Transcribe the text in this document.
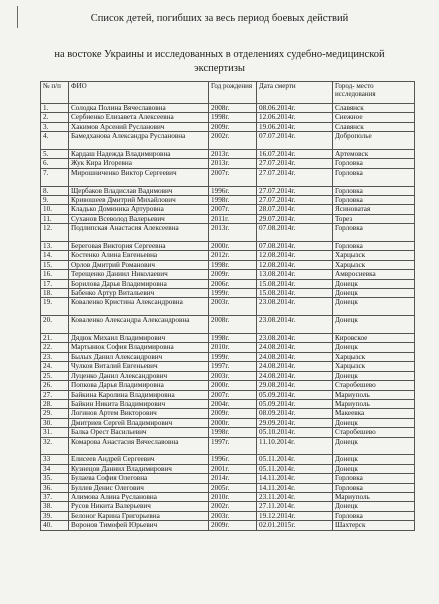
Список детей, погибших за весь период боевых действий
на востоке Украины и исследованных в отделениях судебно-медицинской
экспертизы
№ п/п	ФИО	Год рождения	Дата смерти	Город- место исследования
1.	Солодка Полина Вячеславовна	2008г.	08.06.2014г.	Славянск
2.	Сербиенко Елизавета Алексеевна	1998г.	12.06.2014г.	Снежное
3.	Хакимов Арсений Русланович	2009г.	19.06.2014г.	Славянск
4.	Бамедханова Александра Руслановна	2002г.	07.07.2014г.	Доброполье
5.	Кардаш Надежда Владимировна	2013г.	16.07.2014г.	Артемовск
6.	Жук Кира Игоревна	2013г.	27.07.2014г.	Горловка
7.	Мирошниченко Виктор Сергеевич	2007г.	27.07.2014г.	Горловка
8.	Щербаков Владислав Вадимович	1996г.	27.07.2014г.	Горловка
9.	Кривошеев Дмитрий Михайлович	1998г.	27.07.2014г.	Горловка
10.	Кладько Доминика Артуровна	2007г.	28.07.2014г.	Ясиноватая
11.	Суханов Всеволод Валерьевич	2011г.	29.07.2014г.	Торез
12.	Подлипская Анастасия Алексеевна	2013г.	07.08.2014г.	Горловка
13.	Береговая Виктория Сергеевна	2000г.	07.08.2014г.	Горловка
14.	Костенко Алина Евгеньевна	2012г.	12.08.2014г.	Харцызск
15.	Орлов Дмитрий Романович	1998г.	12.08.2014г.	Харцызск
16.	Терещенко Даниил Николаевич	2009г.	13.08.2014г.	Амвросиевка
17.	Борилова Дарья Владимировна	2006г.	15.08.2014г.	Донецк
18.	Бабенко Артур Витальевич	1999г.	15.08.2014г.	Донецк
19.	Коваленко Кристина Александровна	2003г.	23.08.2014г.	Донецк
20.	Коваленко Александра Александровна	2008г.	23.08.2014г.	Донецк
21.	Дядюк Михаил Владимирович	1998г.	23.08.2014г.	Кировское
22.	Мартынюк София Владимировна	2010г.	24.08.2014г.	Донецк
23.	Былых Данил Александрович	1999г.	24.08.2014г.	Харцызск
24.	Чулков Виталий Евгеньевич	1997г.	24.08.2014г.	Харцызск
25.	Луценко Данил Александрович	2003г.	24.08.2014г.	Донецк
26.	Попкова Дарья Владимировна	2000г.	29.08.2014г.	Старобешево
27.	Байкина Каролина Владимировна	2007г.	05.09.2014г.	Мариуполь
28.	Байкин Никита Владимирович	2004г.	05.09.2014г.	Мариуполь
29.	Логинов Артем Викторович	2009г.	08.09.2014г.	Макеевка
30.	Дмитриев Сергей Владимирович	2000г.	29.09.2014г.	Донецк
31.	Балка Орест Васильевич	1998г.	05.10.2014г.	Старобешево
32.	Комарова Анастасия Вячеславовна	1997г.	11.10.2014г.	Донецк
33	Елисеев Андрей Сергеевич	1996г.	05.11.2014г.	Донецк
34	Кузнецов Даниил Владимирович	2001г.	05.11.2014г.	Донецк
35.	Булаева София Олеговна	2014г.	14.11.2014г.	Горловка
36.	Буллев Денис Олегович	2005г.	14.11.2014г.	Горловка
37.	Алимова Алина Руслановна	2010г.	23.11.2014г.	Мариуполь
38.	Русов Никита Валерьевич	2002г.	27.11.2014г.	Донецк
39.	Белоног Карина Григорьевна	2003г.	19.12.2014г.	Горловка
40.	Воронов Тимофей Юрьевич	2009г.	02.01.2015г.	Шахтерск
